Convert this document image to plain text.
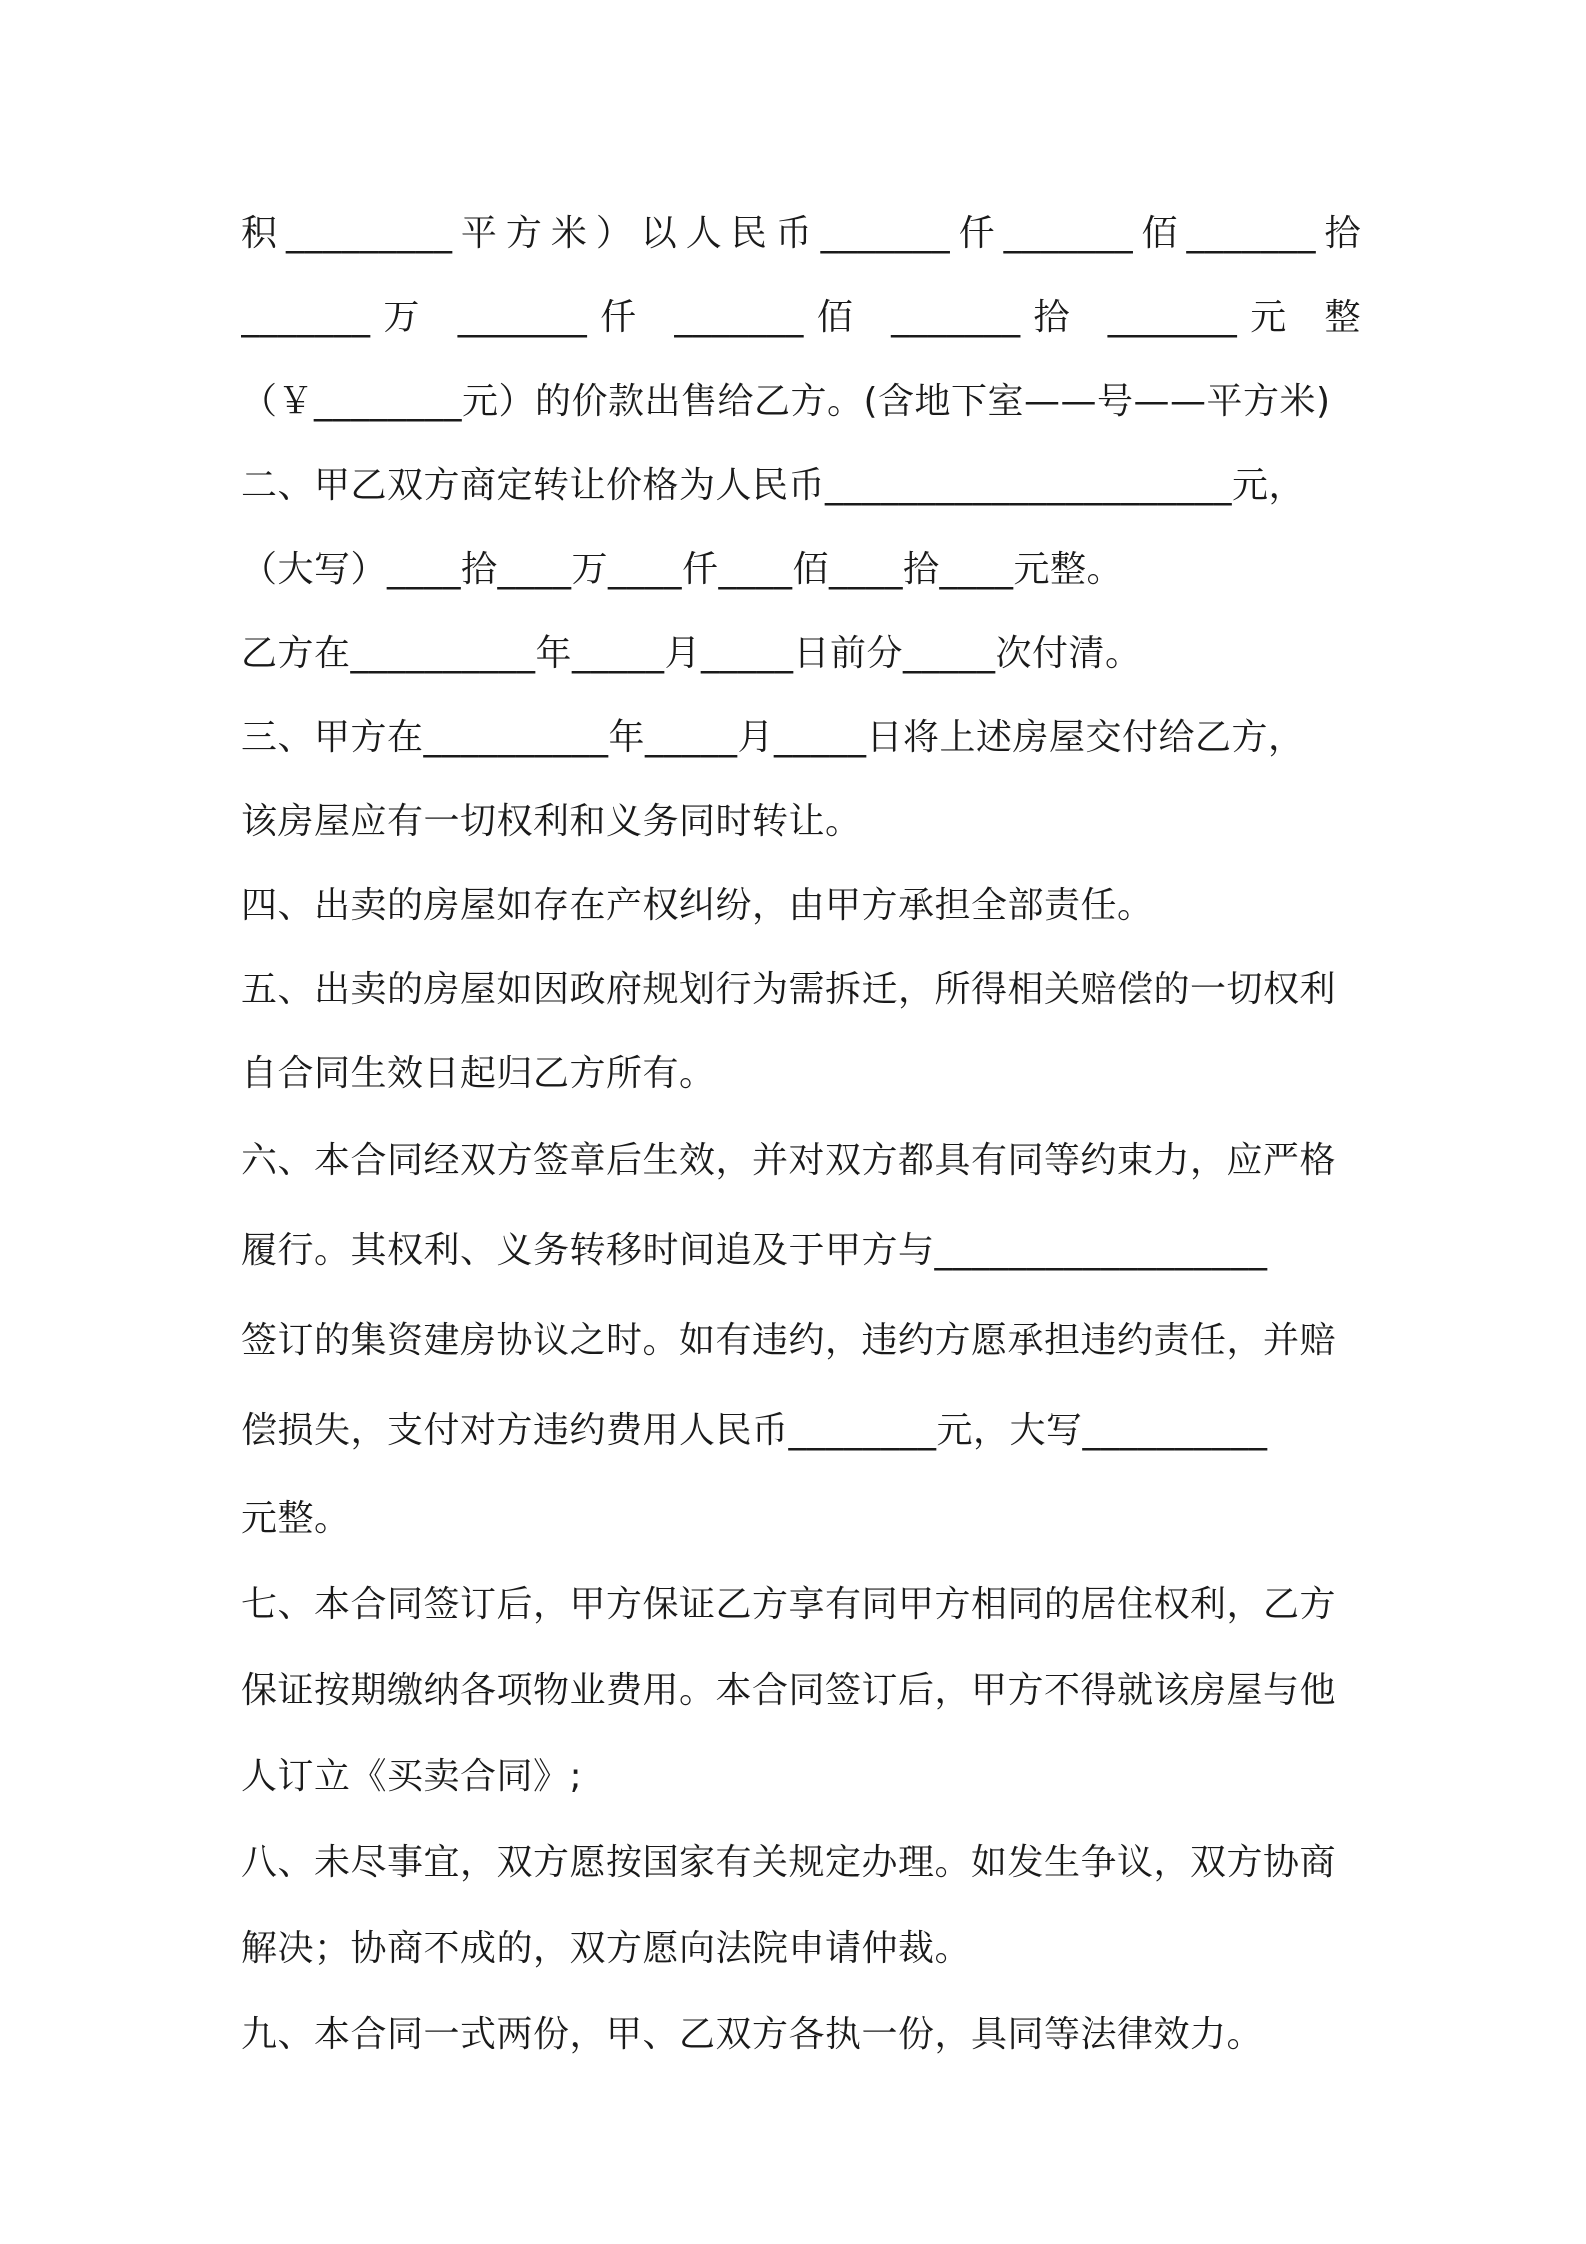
积_________平方米）以人民币_______仟_______佰_______拾
_______万 _______仟 _______佰 _______拾 _______元 整
（￥________元）的价款出售给乙方。(含地下室——号——平方米)
二、甲乙双方商定转让价格为人民币______________________元，
（大写）____拾____万____仟____佰____拾____元整。
乙方在__________年_____月_____日前分_____次付清。
三、甲方在__________年_____月_____日将上述房屋交付给乙方，
该房屋应有一切权利和义务同时转让。
四、出卖的房屋如存在产权纠纷，由甲方承担全部责任。
五、出卖的房屋如因政府规划行为需拆迁，所得相关赔偿的一切权利
自合同生效日起归乙方所有。
六、本合同经双方签章后生效，并对双方都具有同等约束力，应严格
履行。其权利、义务转移时间追及于甲方与__________________
签订的集资建房协议之时。如有违约，违约方愿承担违约责任，并赔
偿损失，支付对方违约费用人民币________元，大写__________
元整。
七、本合同签订后，甲方保证乙方享有同甲方相同的居住权利，乙方
保证按期缴纳各项物业费用。本合同签订后，甲方不得就该房屋与他
人订立《买卖合同》;
八、未尽事宜，双方愿按国家有关规定办理。如发生争议，双方协商
解决；协商不成的，双方愿向法院申请仲裁。
九、本合同一式两份，甲、乙双方各执一份，具同等法律效力。
